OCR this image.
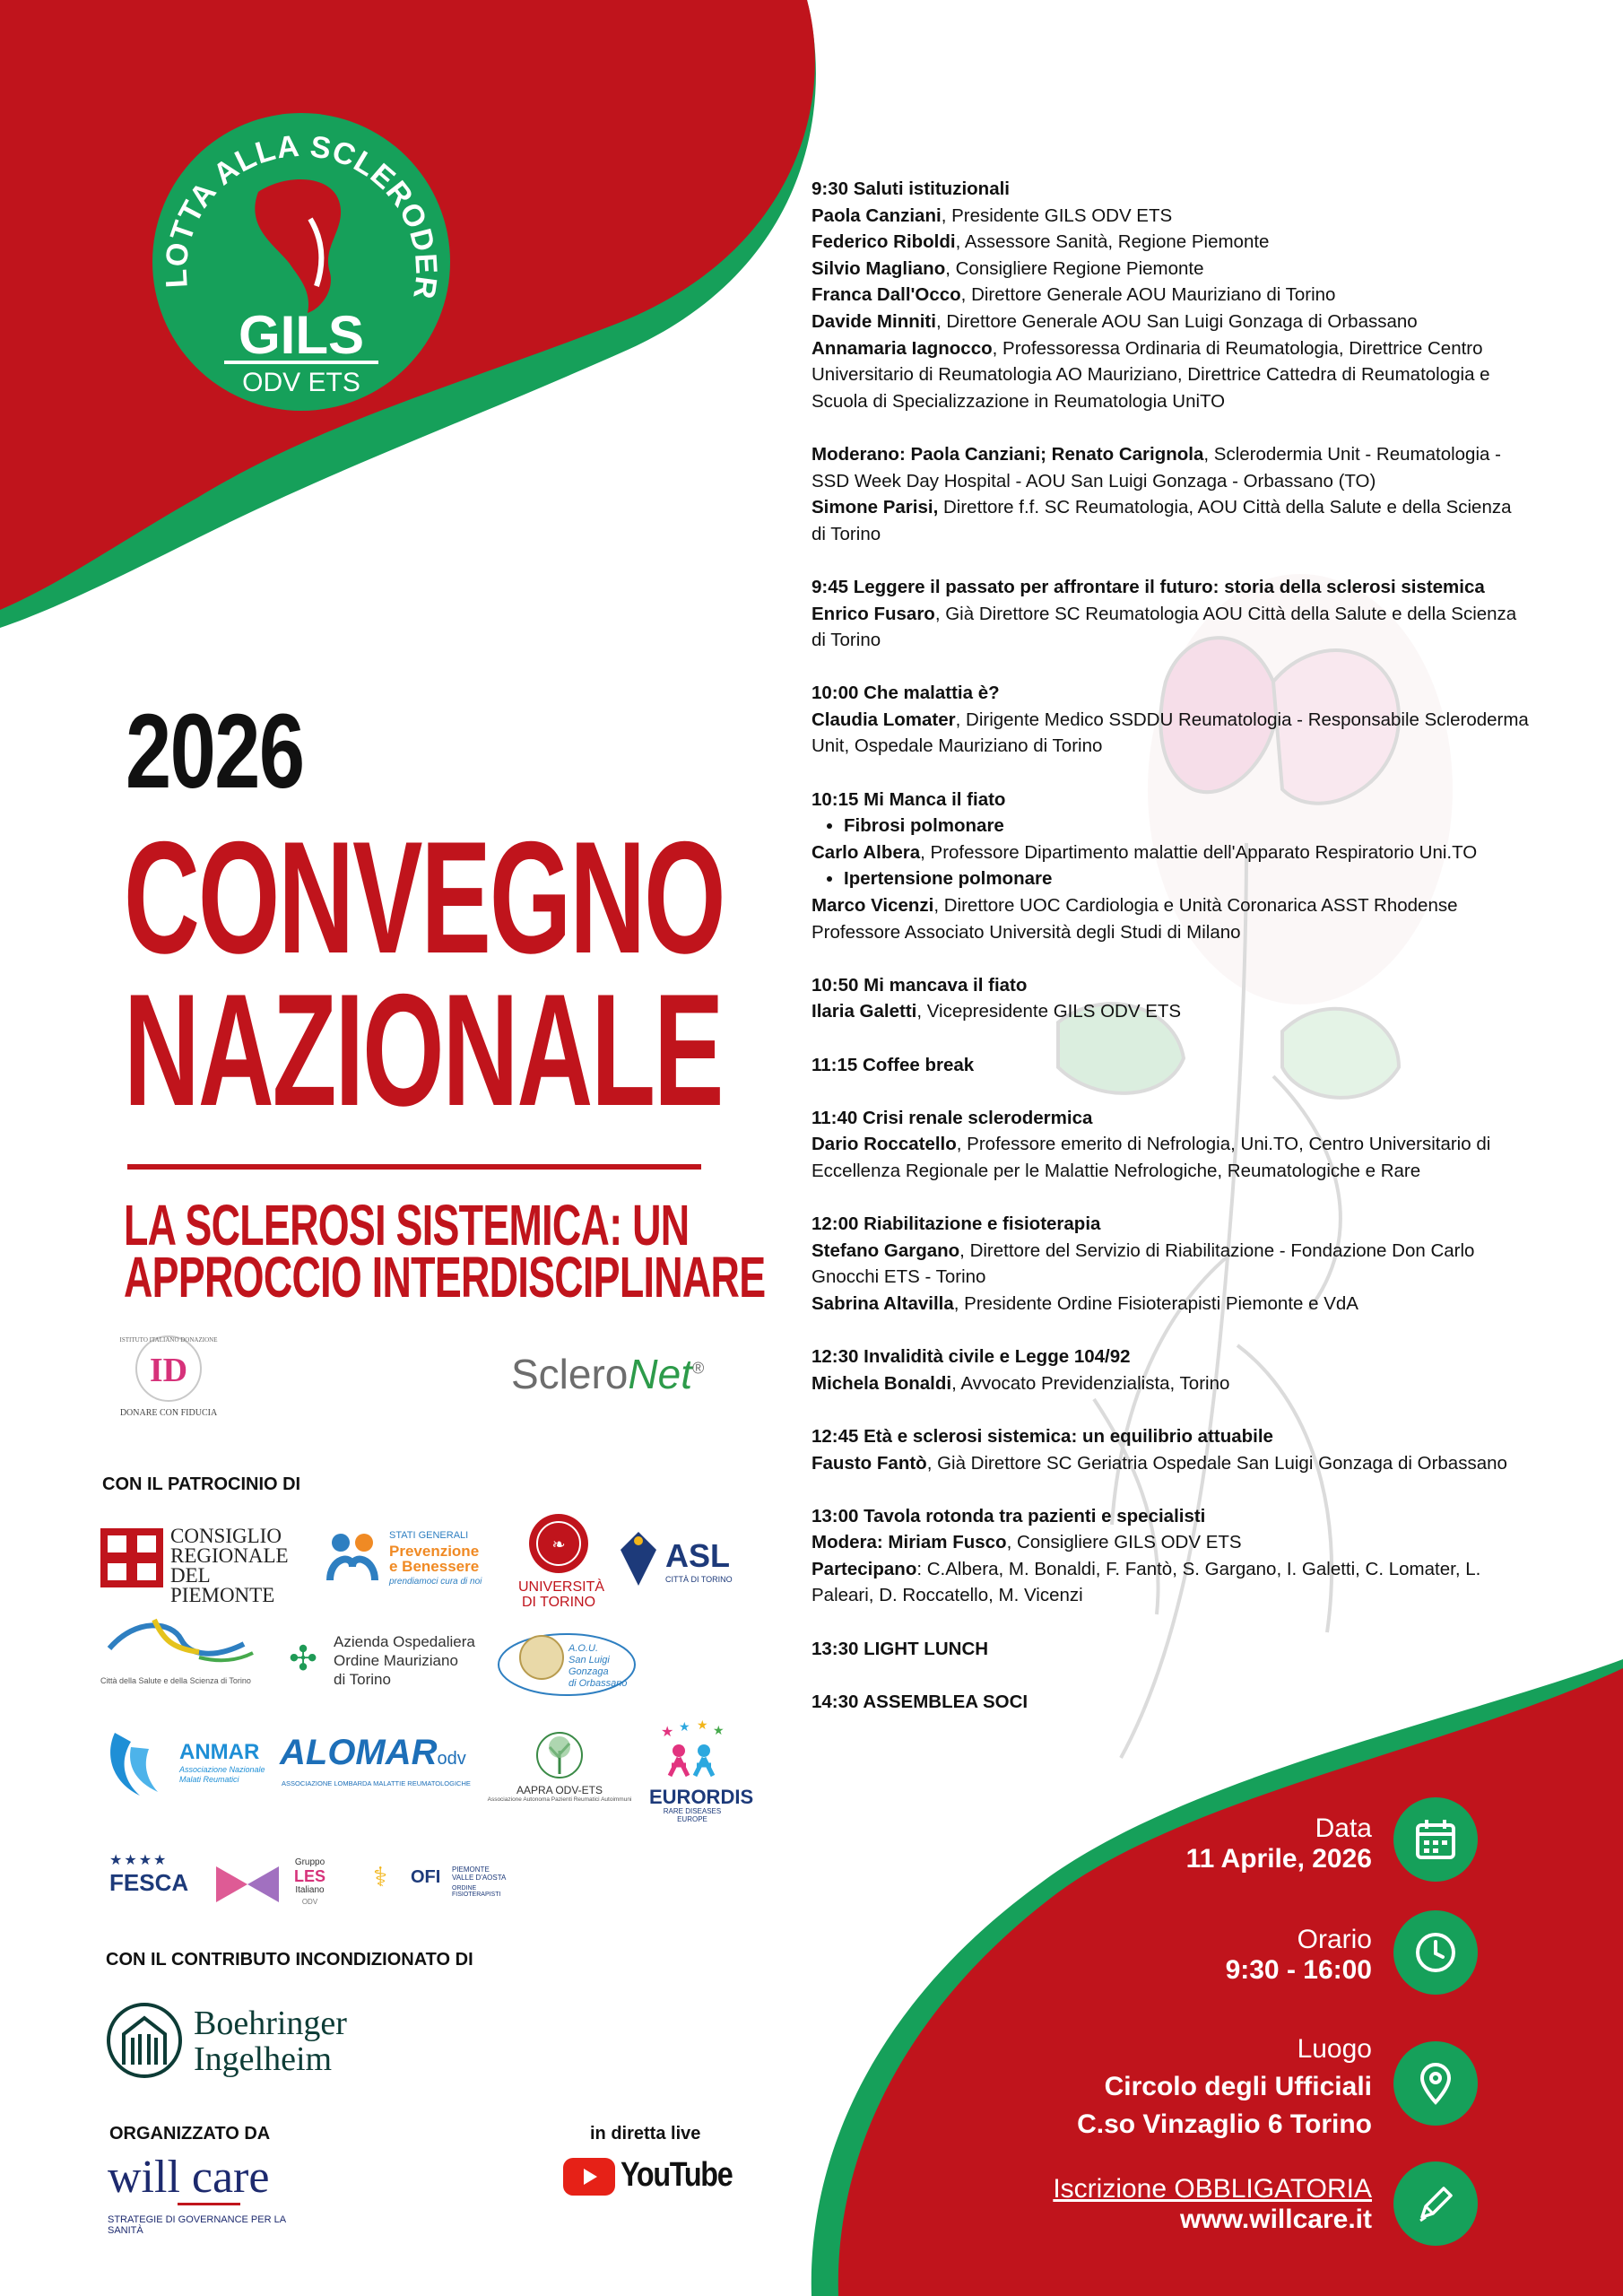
LOTTA ALLA SCLERODER
GILS
ODV ETS
2026
CONVEGNO
NAZIONALE
LA SCLEROSI SISTEMICA: UN
APPROCCIO INTERDISCIPLINARE
ID
DONARE CON FIDUCIA
ISTITUTO ITALIANO DONAZIONE
ScleroNet®
CON IL PATROCINIO DI
CONSIGLIO
REGIONALE
DEL PIEMONTE
STATI GENERALI
Prevenzione
e Benessere
prendiamoci cura di noi
❧
UNIVERSITÀ
DI TORINO
ASL
CITTÀ DI TORINO
Città della Salute e della Scienza di Torino
✣ Azienda Ospedaliera
Ordine Mauriziano
di Torino
A.O.U.
San Luigi Gonzaga
di Orbassano
ANMAR
Associazione Nazionale
Malati Reumatici
ALOMARodv
ASSOCIAZIONE LOMBARDA MALATTIE REUMATOLOGICHE
AAPRA ODV-ETS
Associazione Autonoma Pazienti Reumatici Autoimmuni
★ ★ ★ ★
EURORDIS
RARE DISEASES EUROPE
★★★★
FESCA
Gruppo
LES
Italiano
ODV
⚕ OFI PIEMONTE
VALLE D'AOSTA
ORDINE FISIOTERAPISTI
CON IL CONTRIBUTO INCONDIZIONATO DI
Boehringer
Ingelheim
ORGANIZZATO DA
will care
STRATEGIE DI GOVERNANCE PER LA SANITÀ
in diretta live
YouTube

9:30 Saluti istituzionali

Paola Canziani, Presidente GILS ODV ETS

Federico Riboldi, Assessore Sanità, Regione Piemonte

Silvio Magliano, Consigliere Regione Piemonte

Franca Dall'Occo, Direttore Generale AOU Mauriziano di Torino

Davide Minniti, Direttore Generale AOU San Luigi Gonzaga di Orbassano

Annamaria Iagnocco, Professoressa Ordinaria di Reumatologia, Direttrice Centro Universitario di Reumatologia AO Mauriziano, Direttrice Cattedra di Reumatologia e Scuola di Specializzazione in Reumatologia UniTO

Moderano: Paola Canziani; Renato Carignola, Sclerodermia Unit - Reumatologia - SSD Week Day Hospital - AOU San Luigi Gonzaga - Orbassano (TO)

Simone Parisi, Direttore f.f. SC Reumatologia, AOU Città della Salute e della Scienza di Torino

9:45 Leggere il passato per affrontare il futuro: storia della sclerosi sistemica

Enrico Fusaro, Già Direttore SC Reumatologia AOU Città della Salute e della Scienza di Torino

10:00 Che malattia è?

Claudia Lomater, Dirigente Medico SSDDU Reumatologia - Responsabile Scleroderma Unit, Ospedale Mauriziano di Torino

10:15 Mi Manca il fiato

• Fibrosi polmonare

Carlo Albera, Professore Dipartimento malattie dell'Apparato Respiratorio Uni.TO

• Ipertensione polmonare

Marco Vicenzi, Direttore UOC Cardiologia e Unità Coronarica ASST Rhodense Professore Associato Università degli Studi di Milano

10:50 Mi mancava il fiato

Ilaria Galetti, Vicepresidente GILS ODV ETS

11:15 Coffee break

11:40 Crisi renale sclerodermica

Dario Roccatello, Professore emerito di Nefrologia, Uni.TO, Centro Universitario di Eccellenza Regionale per le Malattie Nefrologiche, Reumatologiche e Rare

12:00 Riabilitazione e fisioterapia

Stefano Gargano, Direttore del Servizio di Riabilitazione - Fondazione Don Carlo Gnocchi ETS - Torino

Sabrina Altavilla, Presidente Ordine Fisioterapisti Piemonte e VdA

12:30 Invalidità civile e Legge 104/92

Michela Bonaldi, Avvocato Previdenzialista, Torino

12:45 Età e sclerosi sistemica: un equilibrio attuabile

Fausto Fantò, Già Direttore SC Geriatria Ospedale San Luigi Gonzaga di Orbassano

13:00 Tavola rotonda tra pazienti e specialisti

Modera: Miriam Fusco, Consigliere GILS ODV ETS

Partecipano: C.Albera, M. Bonaldi, F. Fantò, S. Gargano, I. Galetti, C. Lomater, L. Paleari, D. Roccatello, M. Vicenzi

13:30 LIGHT LUNCH

14:30 ASSEMBLEA SOCI

Data
11 Aprile, 2026
Orario
9:30 - 16:00
Luogo
Circolo degli Ufficiali
C.so Vinzaglio 6 Torino
Iscrizione OBBLIGATORIA
www.willcare.it
